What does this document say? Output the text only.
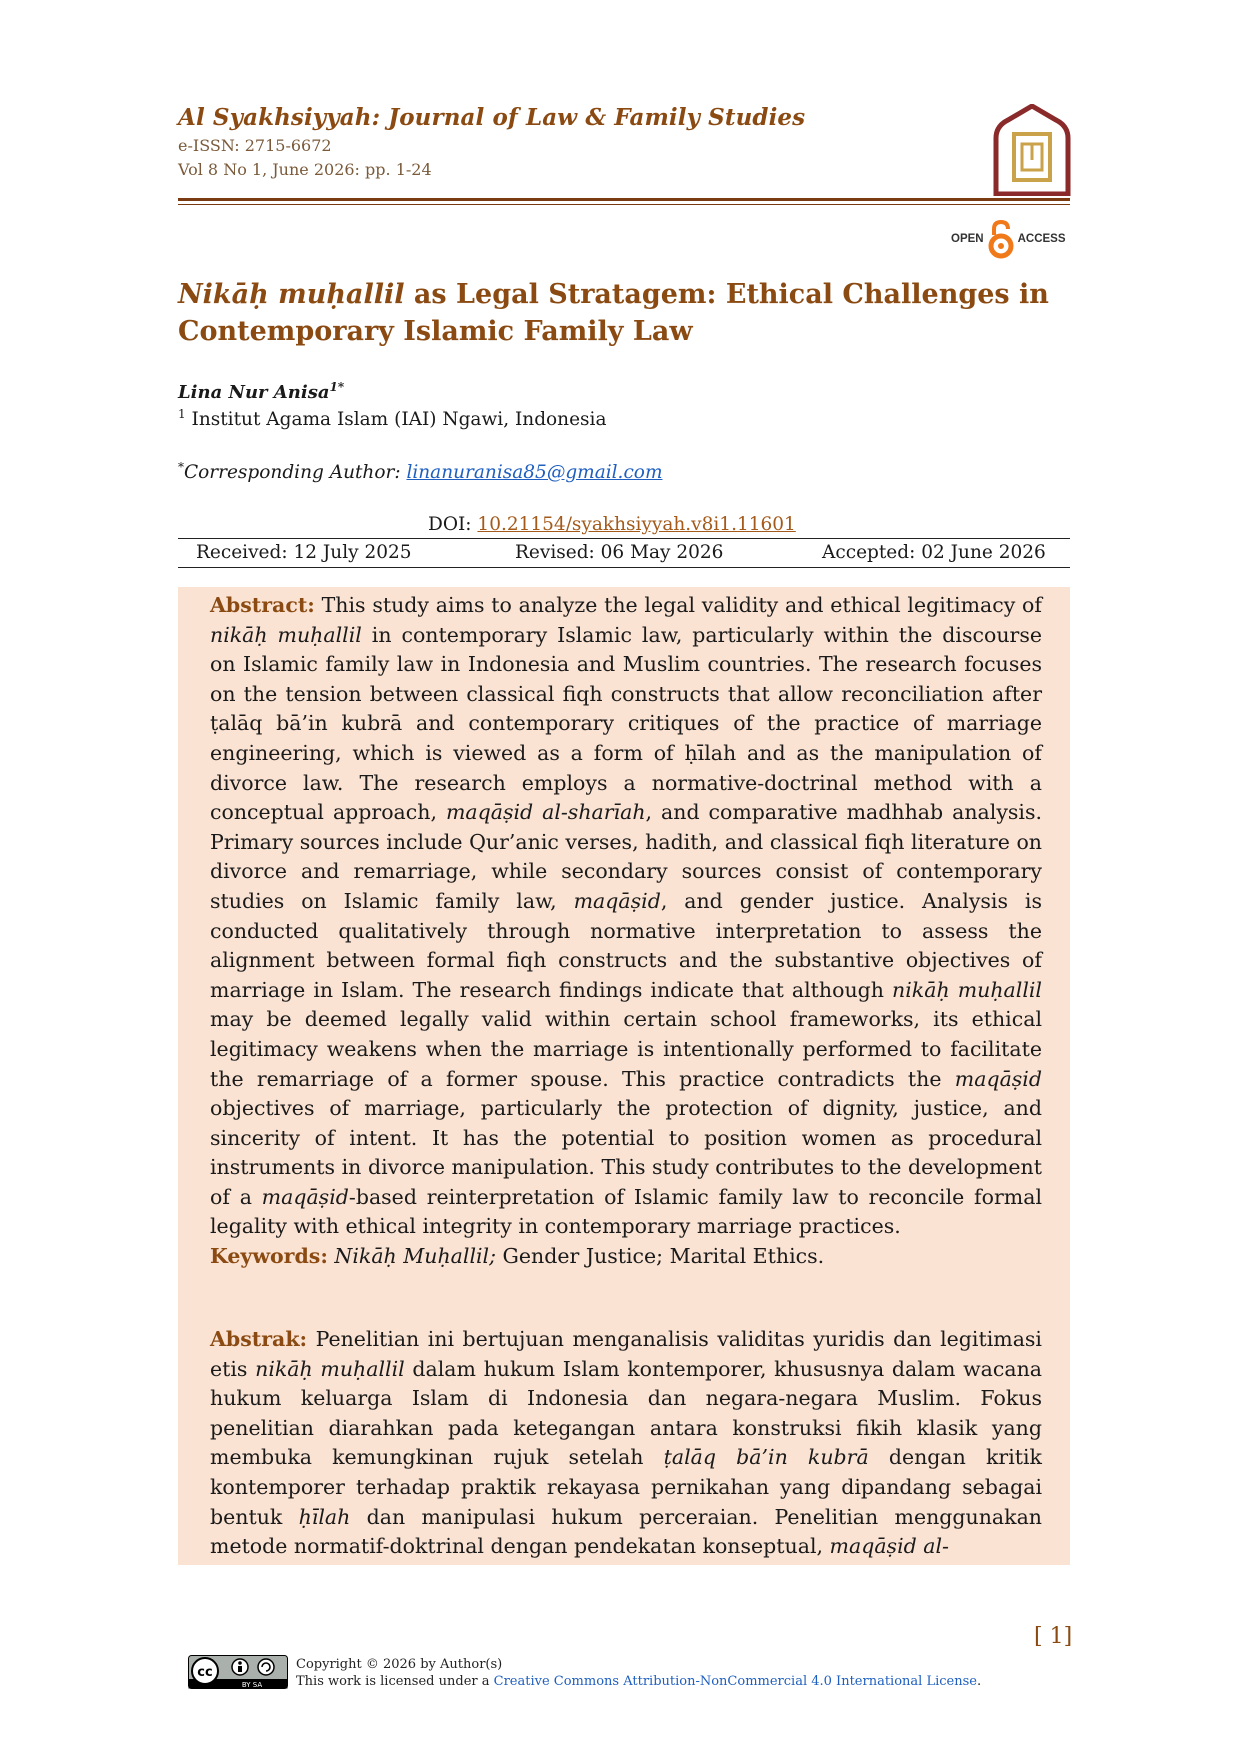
Al Syakhsiyyah: Journal of Law & Family Studies
e-ISSN: 2715-6672
Vol 8 No 1, June 2026: pp. 1-24
OPEN	ACCESS
Nikāḥ muḥallil as Legal Stratagem: Ethical Challenges in
Contemporary Islamic Family Law
Lina Nur Anisa$^{1*}$
$^1$ Institut Agama Islam (IAI) Ngawi, Indonesia
*Corresponding Author: linanuranisa85@gmail.com
DOI: 10.21154/syakhsiyyah.v8i1.11601
Received: 12 July 2025	Revised: 06 May 2026	Accepted: 02 June 2026
Abstract: This study aims to analyze the legal validity and ethical legitimacy of nikāḥ muḥallil in contemporary Islamic law, particularly within the discourse on Islamic family law in Indonesia and Muslim countries. The research focuses on the tension between classical fiqh constructs that allow reconciliation after ṭalāq bā’in kubrā and contemporary critiques of the practice of marriage engineering, which is viewed as a form of ḥīlah and as the manipulation of divorce law. The research employs a normative-doctrinal method with a conceptual approach, maqāṣid al-sharīah, and comparative madhhab analysis. Primary sources include Qur’anic verses, hadith, and classical fiqh literature on divorce and remarriage, while secondary sources consist of contemporary studies on Islamic family law, maqāṣid, and gender justice. Analysis is conducted qualitatively through normative interpretation to assess the alignment between formal fiqh constructs and the substantive objectives of marriage in Islam. The research findings indicate that although nikāḥ muḥallil may be deemed legally valid within certain school frameworks, its ethical legitimacy weakens when the marriage is intentionally performed to facilitate the remarriage of a former spouse. This practice contradicts the maqāṣid objectives of marriage, particularly the protection of dignity, justice, and sincerity of intent. It has the potential to position women as procedural instruments in divorce manipulation. This study contributes to the development of a maqāṣid-based reinterpretation of Islamic family law to reconcile formal legality with ethical integrity in contemporary marriage practices.
Keywords: Nikāḥ Muḥallil; Gender Justice; Marital Ethics.
Abstrak: Penelitian ini bertujuan menganalisis validitas yuridis dan legitimasi etis nikāḥ muḥallil dalam hukum Islam kontemporer, khususnya dalam wacana hukum keluarga Islam di Indonesia dan negara-negara Muslim. Fokus penelitian diarahkan pada ketegangan antara konstruksi fikih klasik yang membuka kemungkinan rujuk setelah ṭalāq bā’in kubrā dengan kritik kontemporer terhadap praktik rekayasa pernikahan yang dipandang sebagai bentuk ḥīlah dan manipulasi hukum perceraian. Penelitian menggunakan metode normatif-doktrinal dengan pendekatan konseptual, maqāṣid al-
[ 1]
cc
BY SA
Copyright © 2026 by Author(s)
This work is licensed under a Creative Commons Attribution-NonCommercial 4.0 International License.
